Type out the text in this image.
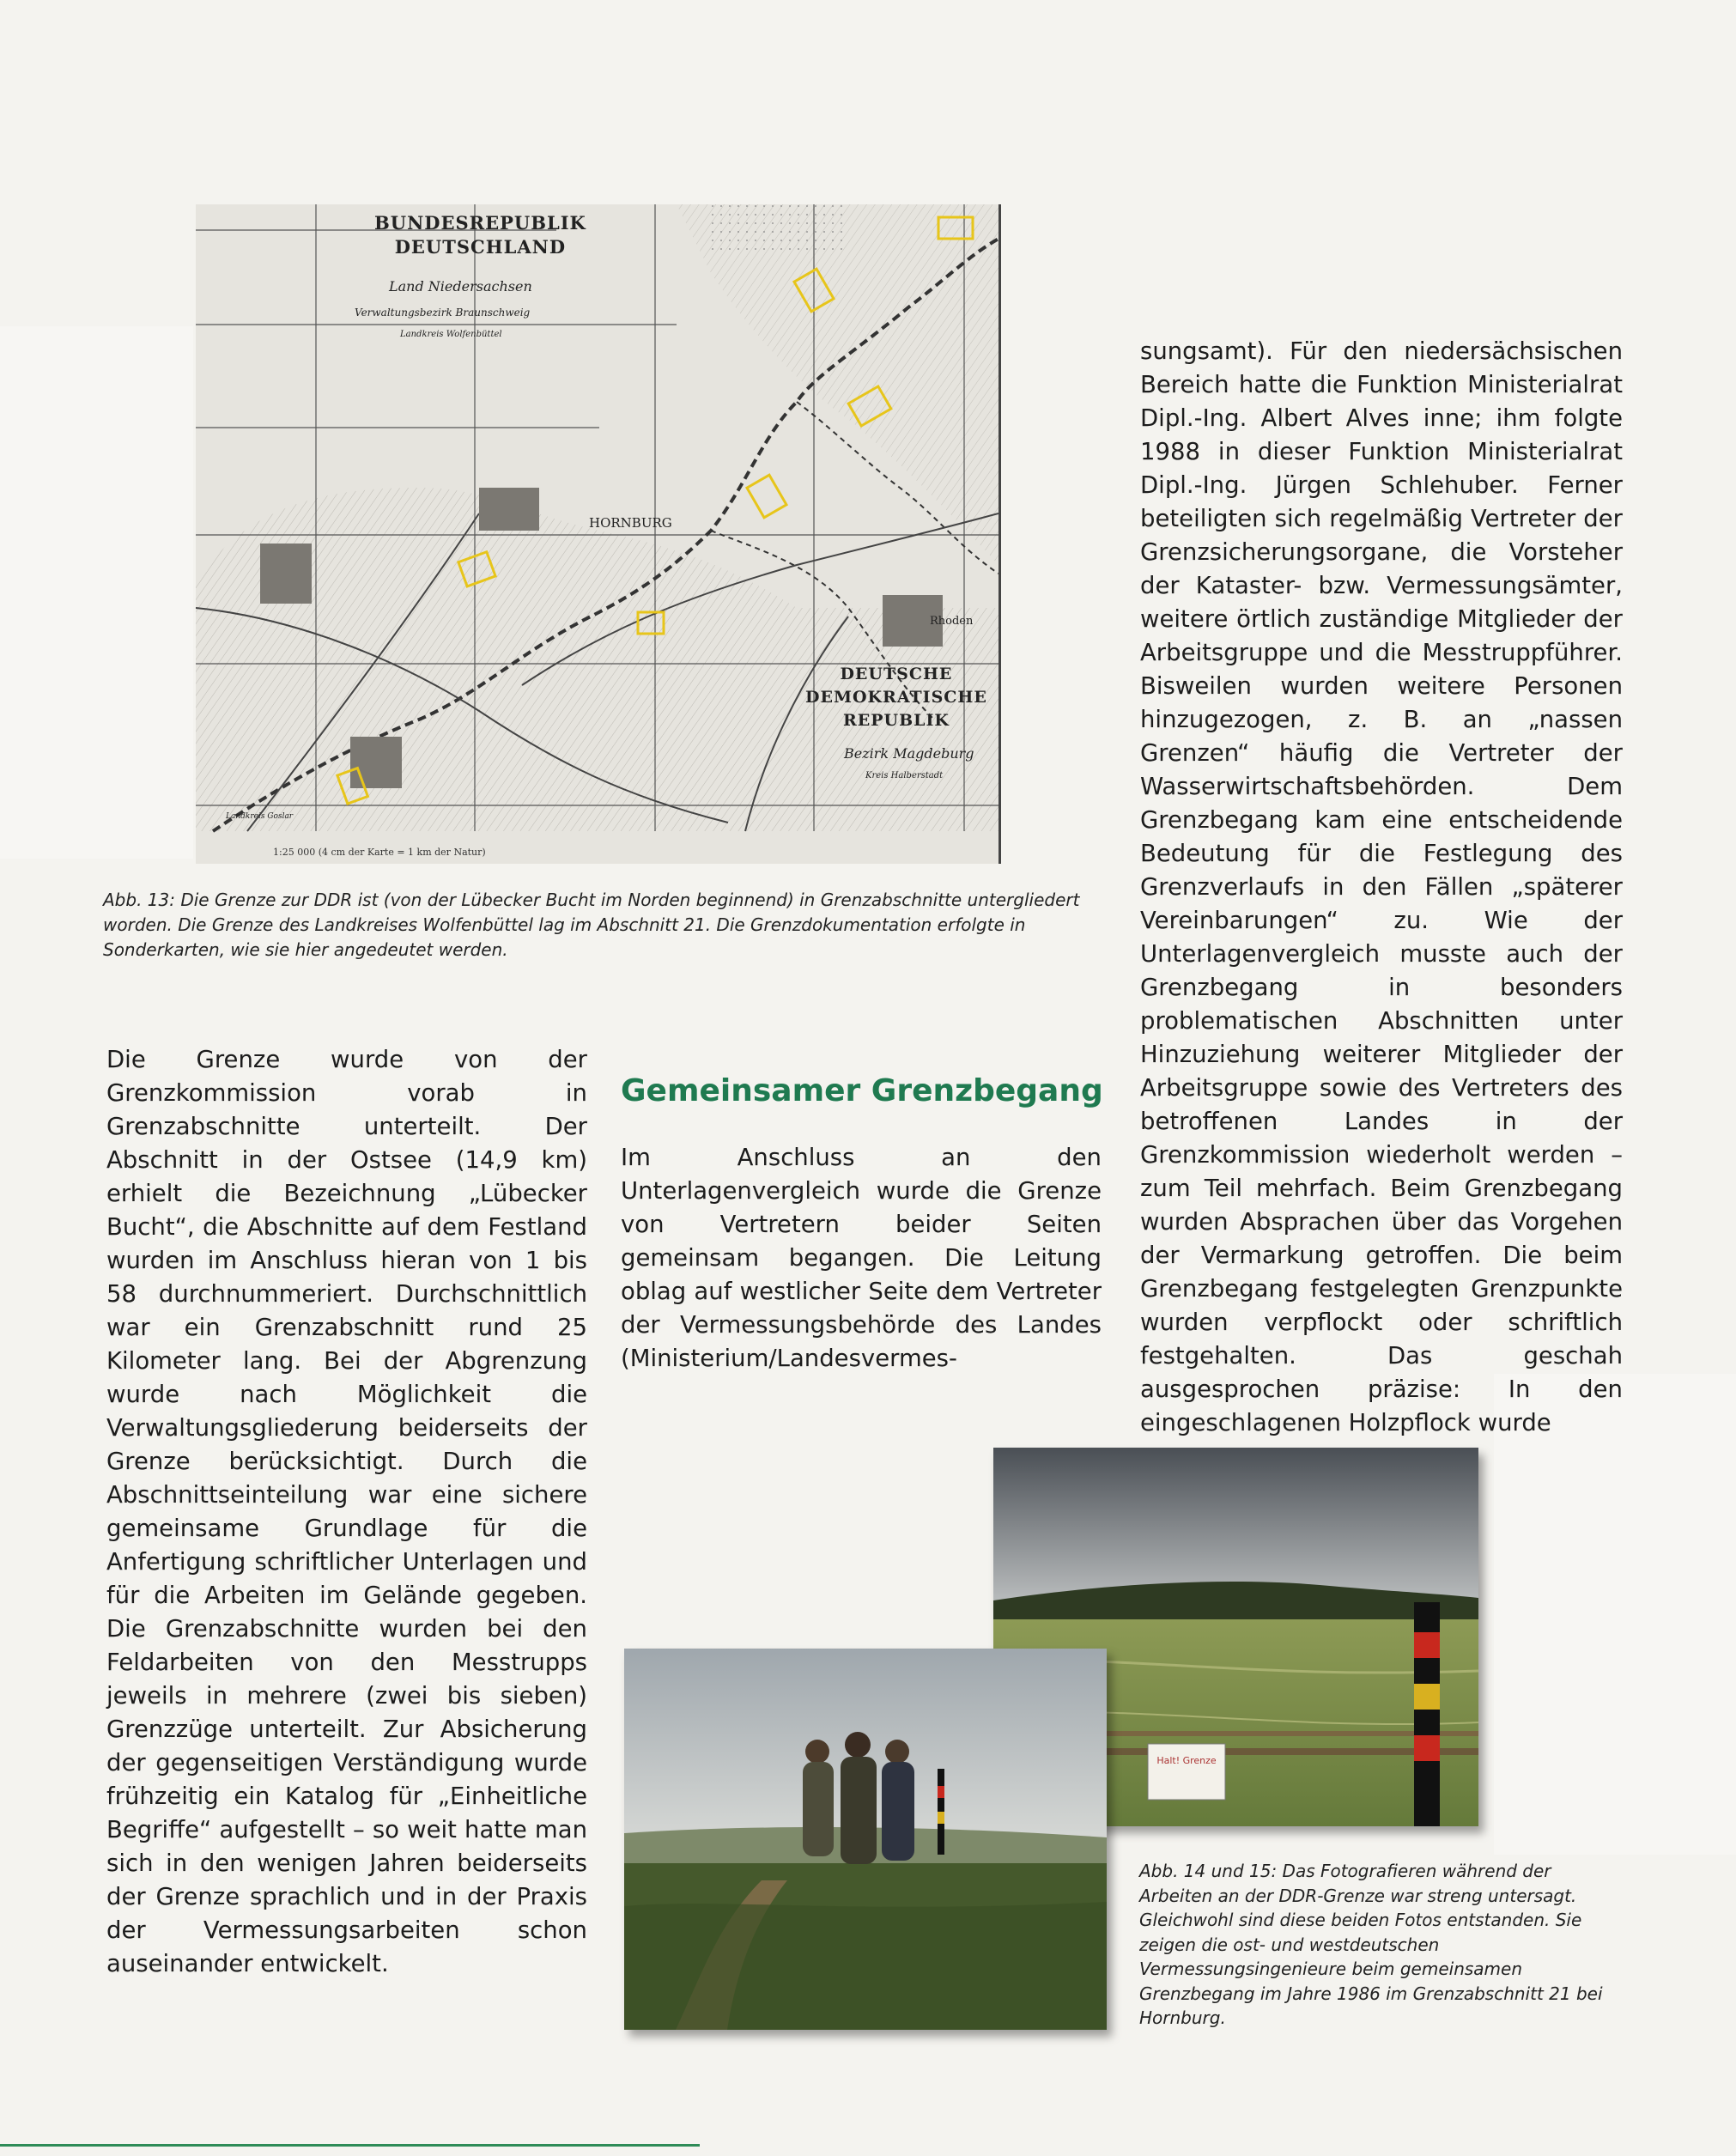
BUNDESREPUBLIK
DEUTSCHLAND
Land Niedersachsen
Verwaltungsbezirk Braunschweig
Landkreis Wolfenbüttel
HORNBURG
Rhoden
DEUTSCHE
DEMOKRATISCHE
REPUBLIK
Bezirk Magdeburg
Kreis Halberstadt
Landkreis Goslar
1:25 000 (4 cm der Karte = 1 km der Natur)
Abb. 13: Die Grenze zur DDR ist (von der Lübecker Bucht im Norden beginnend) in Grenzabschnitte untergliedert worden. Die Grenze des Landkreises Wolfenbüttel lag im Abschnitt 21. Die Grenzdokumentation erfolgte in Sonderkarten, wie sie hier angedeutet werden.

Die Grenze wurde von der Grenzkommission vorab in Grenzabschnitte unterteilt. Der Abschnitt in der Ostsee (14,9 km) erhielt die Bezeichnung „Lübecker Bucht“, die Abschnitte auf dem Festland wurden im Anschluss hieran von 1 bis 58 durchnummeriert. Durchschnittlich war ein Grenzabschnitt rund 25 Kilometer lang. Bei der Abgrenzung wurde nach Möglichkeit die Verwaltungsgliederung beiderseits der Grenze berücksichtigt. Durch die Abschnittseinteilung war eine sichere gemeinsame Grundlage für die Anfertigung schriftlicher Unterlagen und für die Arbeiten im Gelände gegeben. Die Grenzabschnitte wurden bei den Feldarbeiten von den Messtrupps jeweils in mehrere (zwei bis sieben) Grenzzüge unterteilt. Zur Absicherung der gegenseitigen Verständigung wurde frühzeitig ein Katalog für „Einheitliche Begriffe“ aufgestellt – so weit hatte man sich in den wenigen Jahren beiderseits der Grenze sprachlich und in der Praxis der Vermessungsarbeiten schon auseinander entwickelt.

Gemeinsamer Grenzbegang

Im Anschluss an den Unterlagenvergleich wurde die Grenze von Vertretern beider Seiten gemeinsam begangen. Die Leitung oblag auf westlicher Seite dem Vertreter der Vermessungsbehörde des Landes (Ministerium/Landesvermes-

sungsamt). Für den niedersächsischen Bereich hatte die Funktion Ministerialrat Dipl.-Ing. Albert Alves inne; ihm folgte 1988 in dieser Funktion Ministerialrat Dipl.-Ing. Jürgen Schlehuber. Ferner beteiligten sich regelmäßig Vertreter der Grenzsicherungsorgane, die Vorsteher der Kataster- bzw. Vermessungsämter, weitere örtlich zuständige Mitglieder der Arbeitsgruppe und die Messtruppführer. Bisweilen wurden weitere Personen hinzugezogen, z. B. an „nassen Grenzen“ häufig die Vertreter der Wasserwirtschaftsbehörden. Dem Grenzbegang kam eine entscheidende Bedeutung für die Festlegung des Grenzverlaufs in den Fällen „späterer Vereinbarungen“ zu. Wie der Unterlagenvergleich musste auch der Grenzbegang in besonders problematischen Abschnitten unter Hinzuziehung weiterer Mitglieder der Arbeitsgruppe sowie des Vertreters des betroffenen Landes in der Grenzkommission wiederholt werden – zum Teil mehrfach. Beim Grenzbegang wurden Absprachen über das Vorgehen der Vermarkung getroffen. Die beim Grenzbegang festgelegten Grenzpunkte wurden verpflockt oder schriftlich festgehalten. Das geschah ausgesprochen präzise: In den eingeschlagenen Holzpflock wurde

Halt! Grenze
Abb. 14 und 15: Das Fotografieren während der Arbeiten an der DDR-Grenze war streng untersagt. Gleichwohl sind diese beiden Fotos entstanden. Sie zeigen die ost- und westdeutschen Vermessungsingenieure beim gemeinsamen Grenzbegang im Jahre 1986 im Grenzabschnitt 21 bei Hornburg.
